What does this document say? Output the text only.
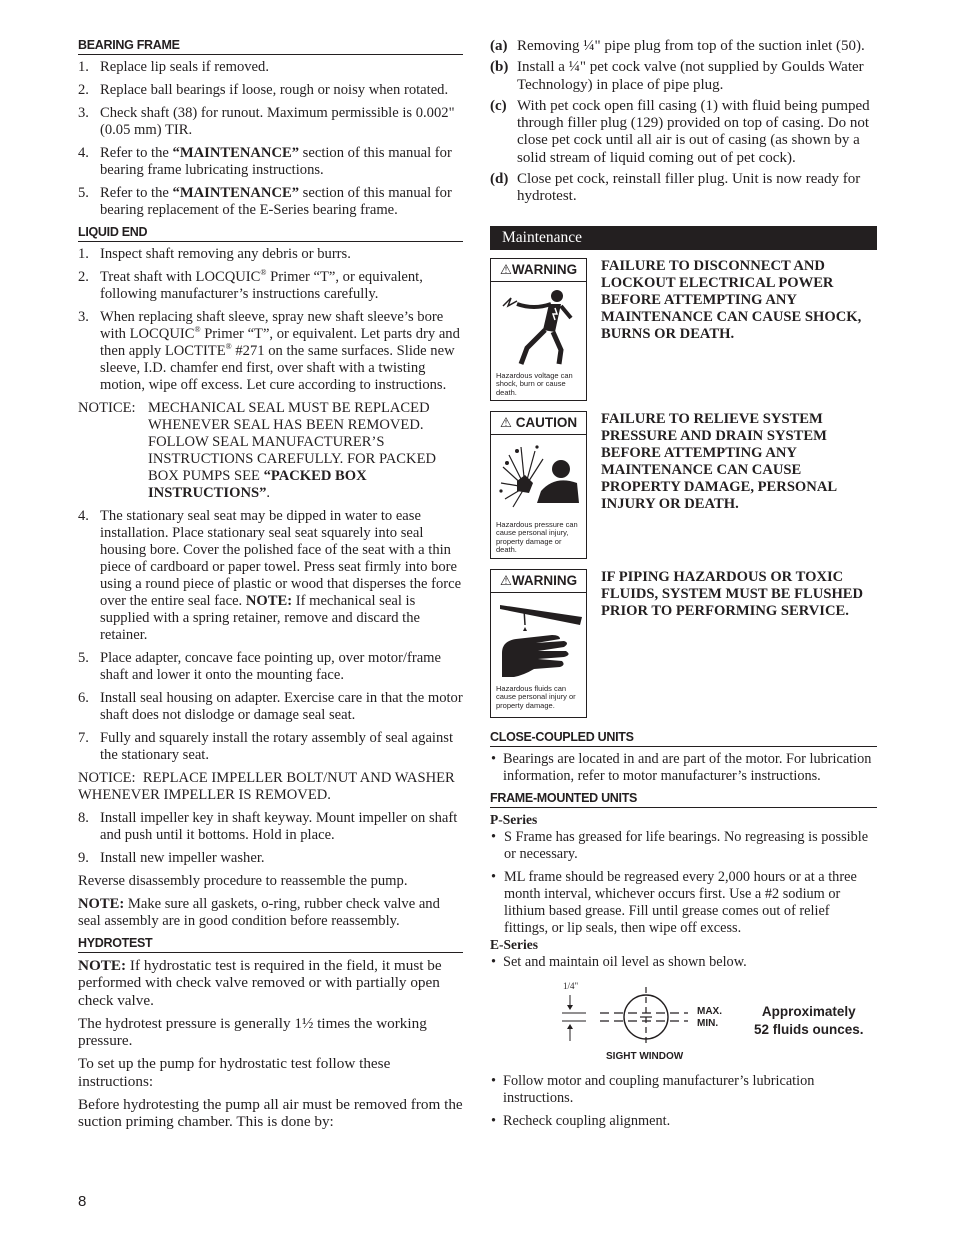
BEARING FRAME
1. Replace lip seals if removed.
2. Replace ball bearings if loose, rough or noisy when rotated.
3. Check shaft (38) for runout. Maximum permissible is 0.002" (0.05 mm) TIR.
4. Refer to the “MAINTENANCE” section of this manual for bearing frame lubricating instructions.
5. Refer to the “MAINTENANCE” section of this manual for bearing replacement of the E-Series bearing frame.
LIQUID END
1. Inspect shaft removing any debris or burrs.
2. Treat shaft with LOCQUIC® Primer “T”, or equivalent, following manufacturer’s instructions carefully.
3. When replacing shaft sleeve, spray new shaft sleeve’s bore with LOCQUIC® Primer “T”, or equivalent. Let parts dry and then apply LOCTITE® #271 on the same surfaces. Slide new sleeve, I.D. chamfer end first, over shaft with a twisting motion, wipe off excess. Let cure according to instructions.
NOTICE: MECHANICAL SEAL MUST BE REPLACED WHENEVER SEAL HAS BEEN REMOVED. FOLLOW SEAL MANUFACTURER’S INSTRUCTIONS CAREFULLY. FOR PACKED BOX PUMPS SEE “PACKED BOX INSTRUCTIONS”.
4. The stationary seal seat may be dipped in water to ease installation. Place stationary seal seat squarely into seal housing bore. Cover the polished face of the seat with a thin piece of cardboard or paper towel. Press seat firmly into bore using a round piece of plastic or wood that disperses the force over the entire seal face. NOTE: If mechanical seal is supplied with a spring retainer, remove and discard the retainer.
5. Place adapter, concave face pointing up, over motor/frame shaft and lower it onto the mounting face.
6. Install seal housing on adapter. Exercise care in that the motor shaft does not dislodge or damage seal seat.
7. Fully and squarely install the rotary assembly of seal against the stationary seat.
NOTICE: REPLACE IMPELLER BOLT/NUT AND WASHER WHENEVER IMPELLER IS REMOVED.
8. Install impeller key in shaft keyway. Mount impeller on shaft and push until it bottoms. Hold in place.
9. Install new impeller washer.
Reverse disassembly procedure to reassemble the pump.
NOTE: Make sure all gaskets, o-ring, rubber check valve and seal assembly are in good condition before reassembly.
HYDROTEST
NOTE: If hydrostatic test is required in the field, it must be performed with check valve removed or with partially open check valve.
The hydrotest pressure is generally 1½ times the working pressure.
To set up the pump for hydrostatic test follow these instructions:
Before hydrotesting the pump all air must be removed from the suction priming chamber. This is done by:
(a) Removing ¼" pipe plug from top of the suction inlet (50).
(b) Install a ¼" pet cock valve (not supplied by Goulds Water Technology) in place of pipe plug.
(c) With pet cock open fill casing (1) with fluid being pumped through filler plug (129) provided on top of casing. Do not close pet cock until all air is out of casing (as shown by a solid stream of liquid coming out of pet cock).
(d) Close pet cock, reinstall filler plug. Unit is now ready for hydrotest.
Maintenance
⚠WARNING
Hazardous voltage can shock, burn or cause death.
FAILURE TO DISCONNECT AND LOCKOUT ELECTRICAL POWER BEFORE ATTEMPTING ANY MAINTENANCE CAN CAUSE SHOCK, BURNS OR DEATH.
⚠ CAUTION
Hazardous pressure can cause personal injury, property damage or death.
FAILURE TO RELIEVE SYSTEM PRESSURE AND DRAIN SYSTEM BEFORE ATTEMPTING ANY MAINTENANCE CAN CAUSE PROPERTY DAMAGE, PERSONAL INJURY OR DEATH.
⚠WARNING
Hazardous fluids can cause personal injury or property damage.
IF PIPING HAZARDOUS OR TOXIC FLUIDS, SYSTEM MUST BE FLUSHED PRIOR TO PERFORMING SERVICE.
CLOSE-COUPLED UNITS
• Bearings are located in and are part of the motor. For lubrication information, refer to motor manufacturer’s instructions.
FRAME-MOUNTED UNITS
P-Series
• S Frame has greased for life bearings. No regreasing is possible or necessary.
• ML frame should be regreased every 2,000 hours or at a three month interval, whichever occurs first. Use a #2 sodium or lithium based grease. Fill until grease comes out of relief fittings, or lip seals, then wipe off excess.
E-Series
• Set and maintain oil level as shown below.
1/4"
MAX.
MIN.
SIGHT WINDOW
Approximately
52 fluids ounces.
• Follow motor and coupling manufacturer’s lubrication instructions.
• Recheck coupling alignment.
8
